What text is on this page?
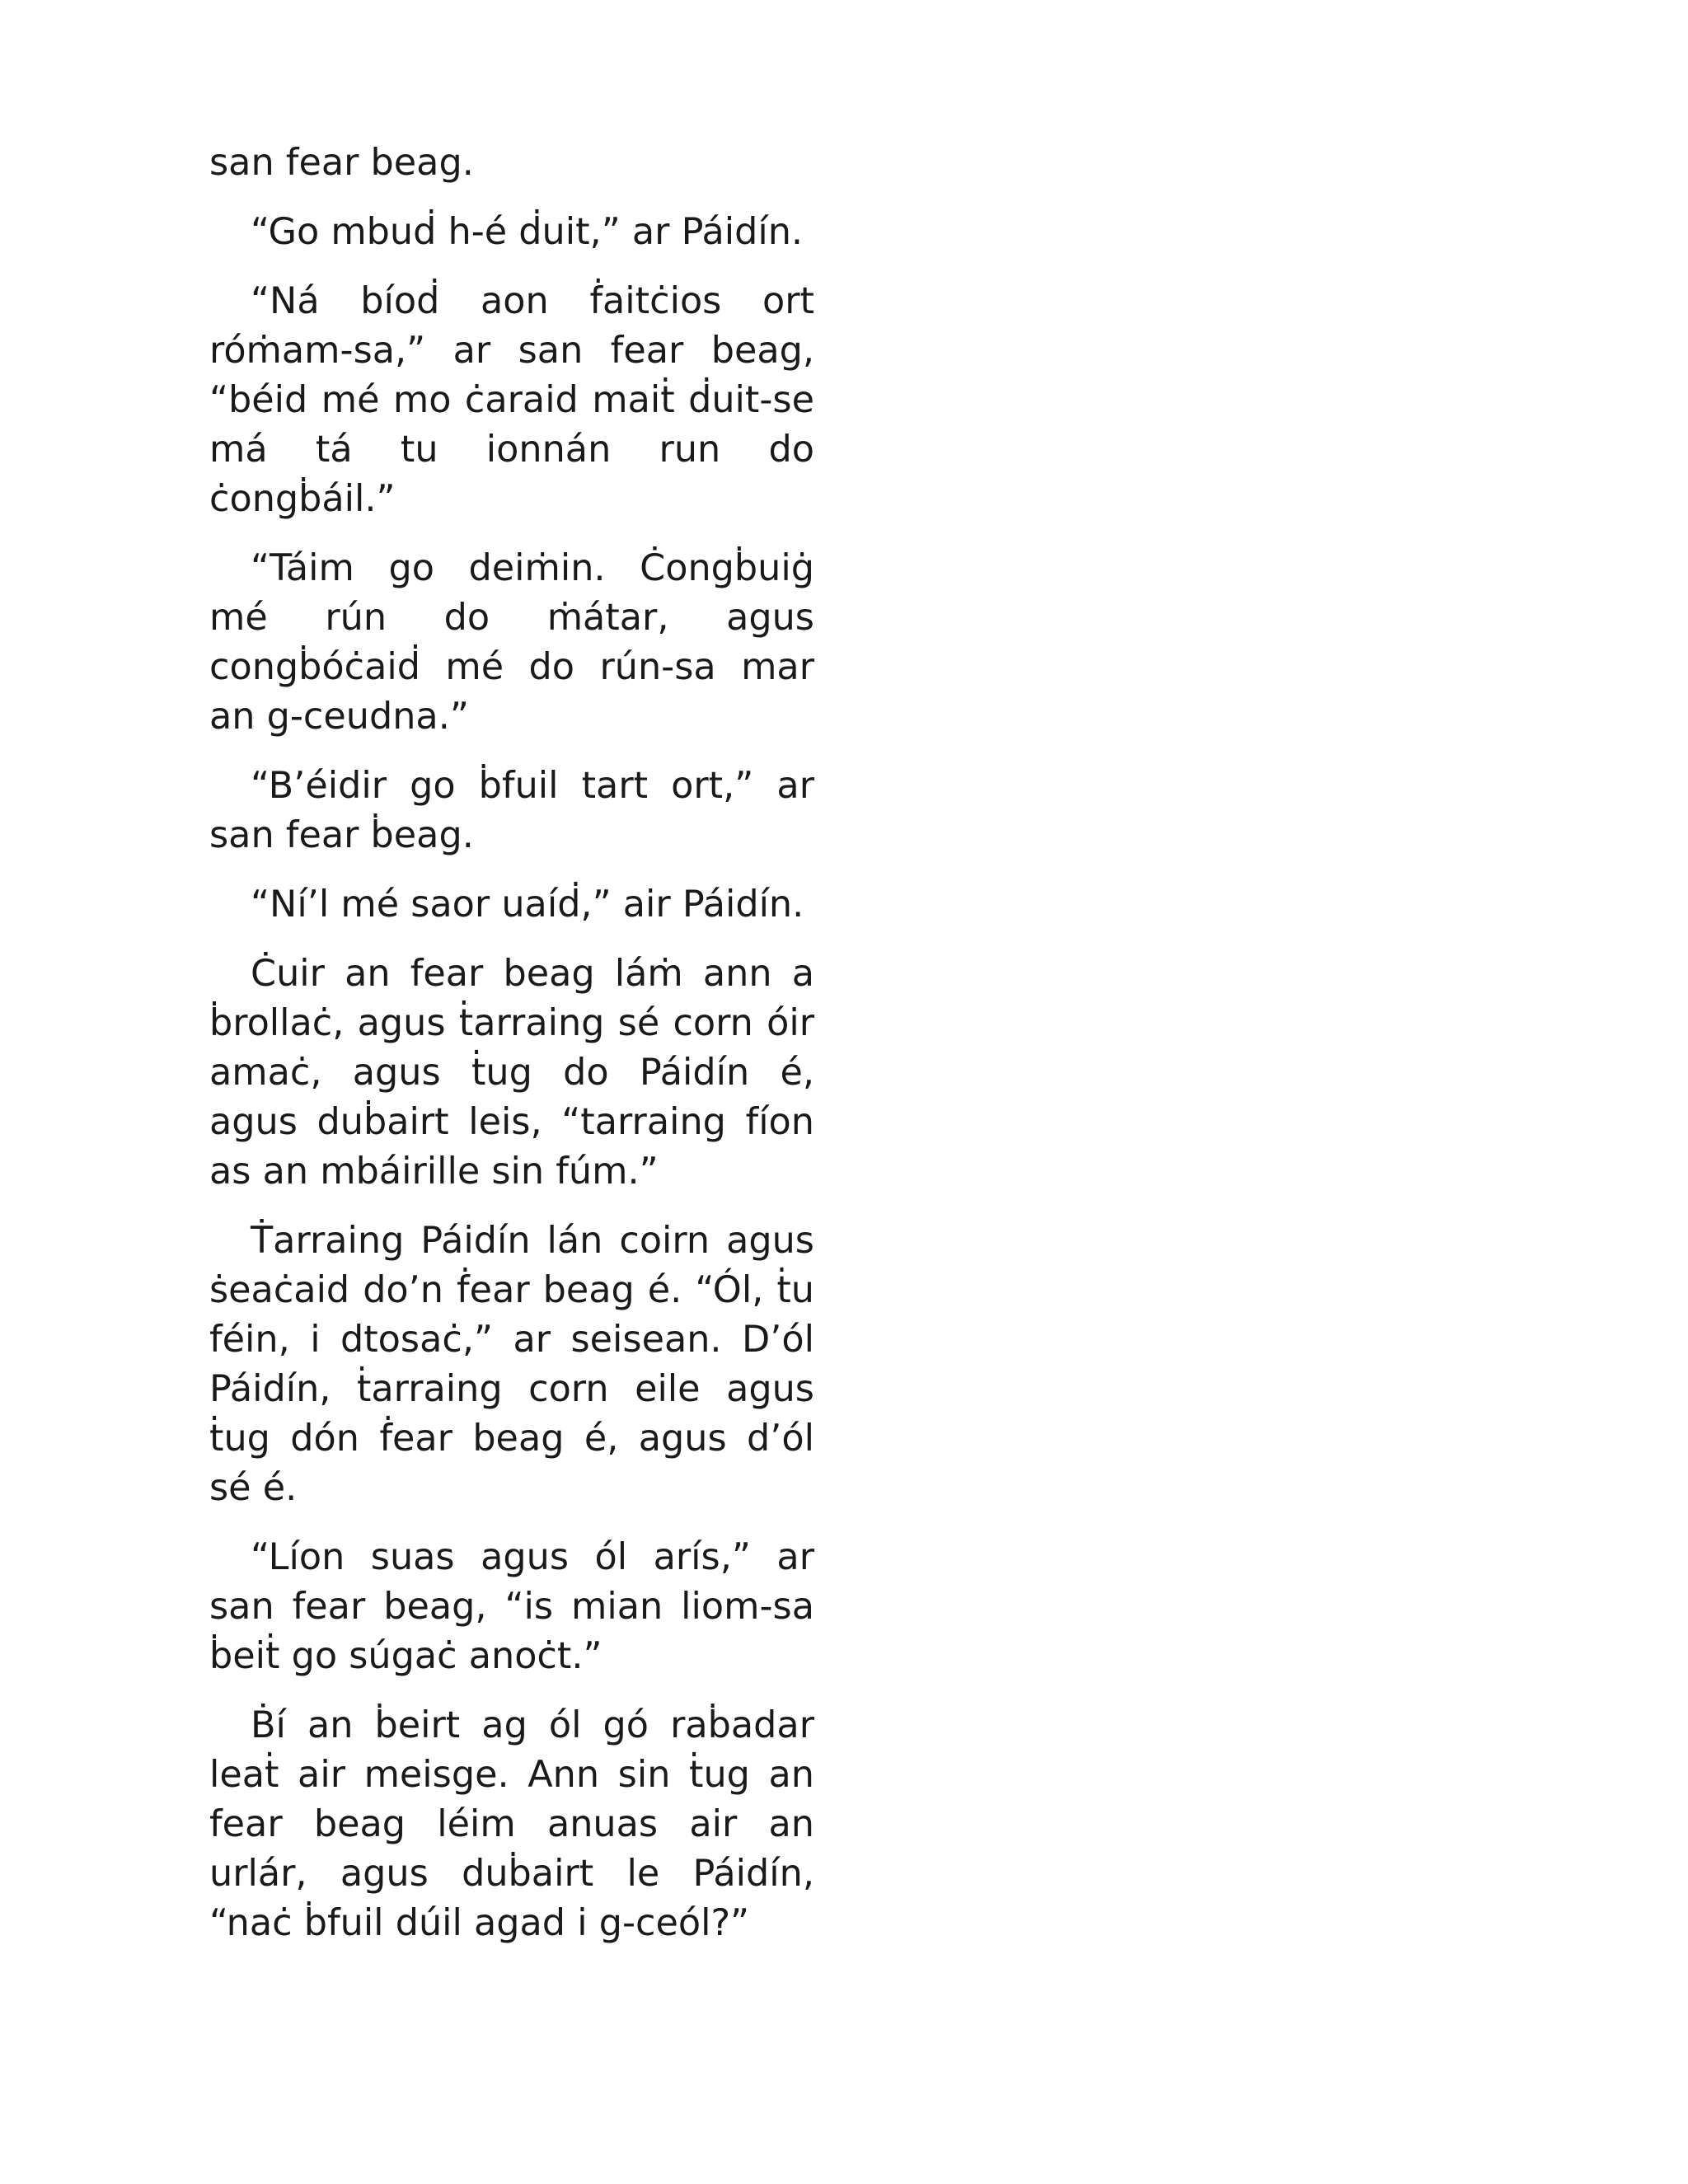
san fear beag.

“Go mbuḋ h-é ḋuit,” ar Páidín.

“Ná bíoḋ aon ḟaitċios ort róṁam-sa,” ar san fear beag, “béid mé mo ċaraid maiṫ ḋuit-se má tá tu ionnán run do ċongḃáil.”

“Táim go deiṁin. Ċongḃuiġ mé rún do ṁátar, agus congḃóċaiḋ mé do rún-sa mar an g-ceudna.”

“B’éidir go ḃfuil tart ort,” ar san fear ḃeag.

“Ní’l mé saor uaíḋ,” air Páidín.

Ċuir an fear beag láṁ ann a ḃrollaċ, agus ṫarraing sé corn óir amaċ, agus ṫug do Páidín é, agus duḃairt leis, “tarraing fíon as an mbáirille sin fúm.”

Ṫarraing Páidín lán coirn agus ṡeaċaid do’n ḟear beag é. “Ól, ṫu féin, i dtosaċ,” ar seisean. D’ól Páidín, ṫarraing corn eile agus ṫug dón ḟear beag é, agus d’ól sé é.

“Líon suas agus ól arís,” ar san fear beag, “is mian liom-sa ḃeiṫ go súgaċ anoċt.”

Ḃí an ḃeirt ag ól gó raḃadar leaṫ air meisge. Ann sin ṫug an fear beag léim anuas air an urlár, agus duḃairt le Páidín, “naċ ḃfuil dúil agad i g-ceól?”
